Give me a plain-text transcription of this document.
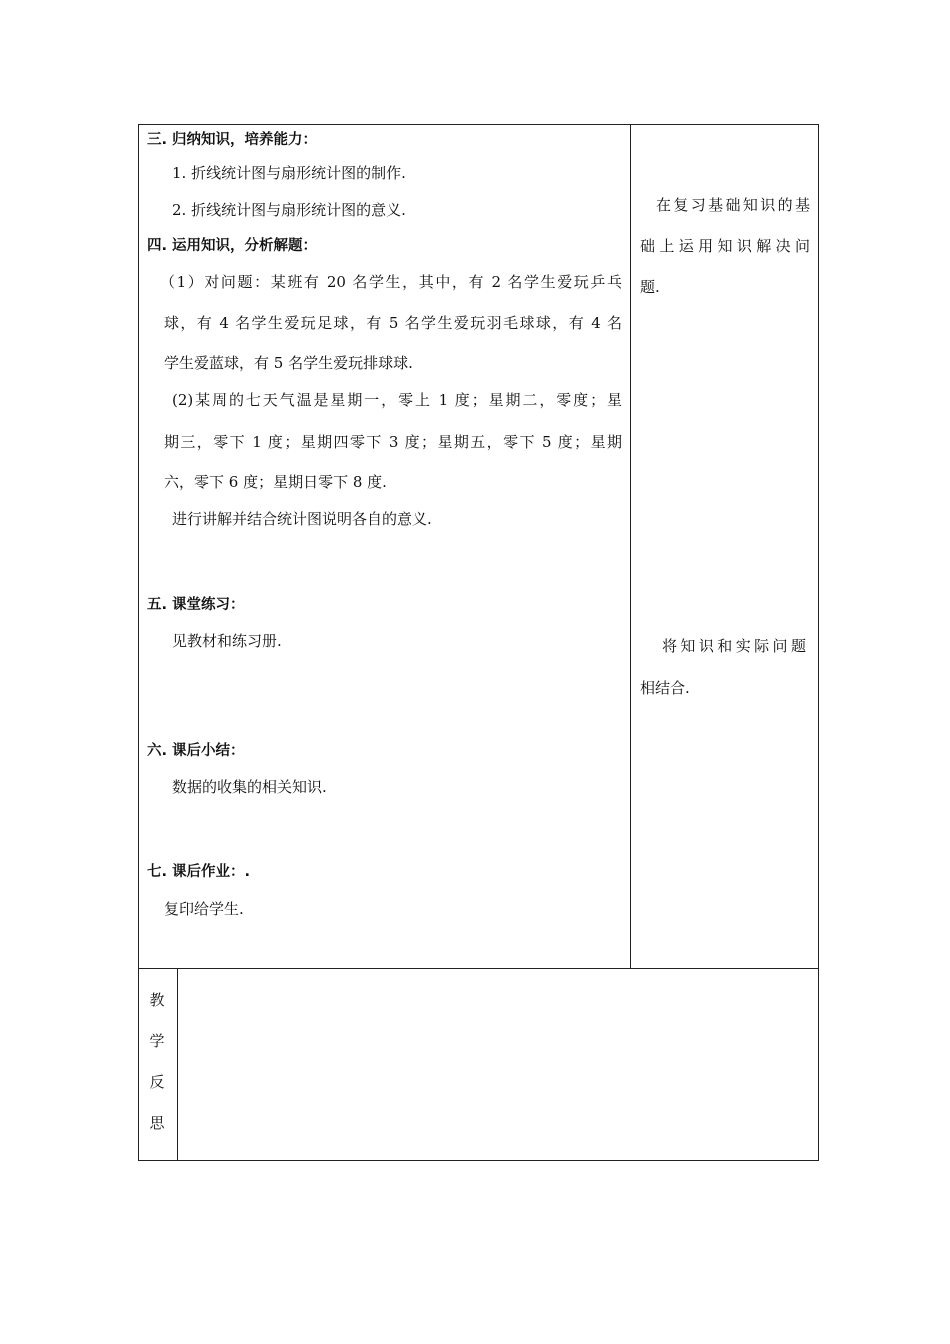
三. 归纳知识，培养能力：
1. 折线统计图与扇形统计图的制作.
2. 折线统计图与扇形统计图的意义.
四. 运用知识，分析解题：
（1）对问题：某班有 20 名学生，其中，有 2 名学生爱玩乒乓
球，有 4 名学生爱玩足球，有 5 名学生爱玩羽毛球球，有 4 名
学生爱蓝球，有 5 名学生爱玩排球球.
(2)某周的七天气温是星期一，零上 1 度；星期二，零度；星
期三，零下 1 度；星期四零下 3 度；星期五，零下 5 度；星期
六，零下 6 度；星期日零下 8 度.
进行讲解并结合统计图说明各自的意义.
五. 课堂练习：
见教材和练习册.
六. 课后小结：
数据的收集的相关知识.
七. 课后作业：.
复印给学生.
在复习基础知识的基
础上运用知识解决问
题.
将知识和实际问题
相结合.
教
学
反
思
